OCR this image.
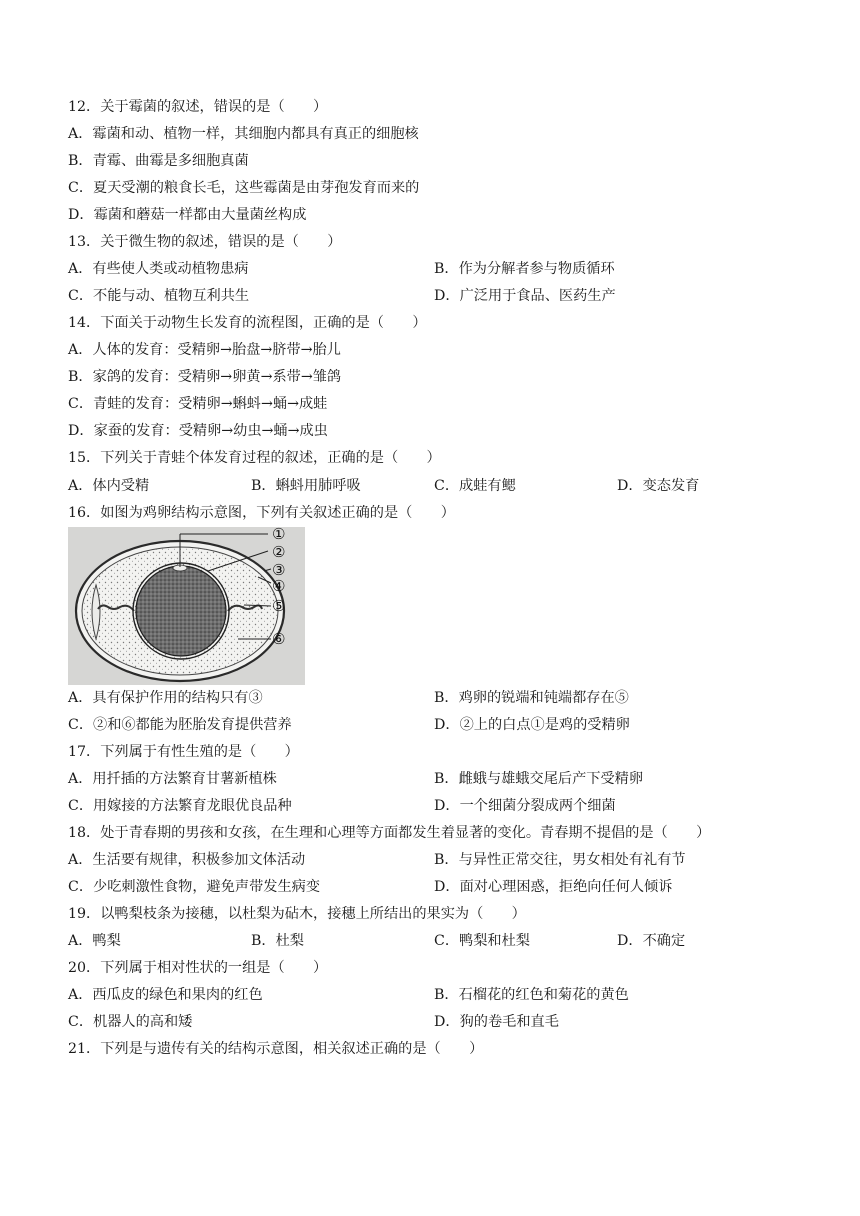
12．关于霉菌的叙述，错误的是（　　）
A．霉菌和动、植物一样，其细胞内都具有真正的细胞核
B．青霉、曲霉是多细胞真菌
C．夏天受潮的粮食长毛，这些霉菌是由芽孢发育而来的
D．霉菌和蘑菇一样都由大量菌丝构成
13．关于微生物的叙述，错误的是（　　）
A．有些使人类或动植物患病	B．作为分解者参与物质循环
C．不能与动、植物互利共生	D．广泛用于食品、医药生产
14．下面关于动物生长发育的流程图，正确的是（　　）
A．人体的发育：受精卵→胎盘→脐带→胎儿
B．家鸽的发育：受精卵→卵黄→系带→雏鸽
C．青蛙的发育：受精卵→蝌蚪→蛹→成蛙
D．家蚕的发育：受精卵→幼虫→蛹→成虫
15．下列关于青蛙个体发育过程的叙述，正确的是（　　）
A．体内受精	B．蝌蚪用肺呼吸	C．成蛙有鳃	D．变态发育
16．如图为鸡卵结构示意图，下列有关叙述正确的是（　　）
①
②
③
④
⑤
⑥
A．具有保护作用的结构只有③	B．鸡卵的锐端和钝端都存在⑤
C．②和⑥都能为胚胎发育提供营养	D．②上的白点①是鸡的受精卵
17．下列属于有性生殖的是（　　）
A．用扦插的方法繁育甘薯新植株	B．雌蛾与雄蛾交尾后产下受精卵
C．用嫁接的方法繁育龙眼优良品种	D．一个细菌分裂成两个细菌
18．处于青春期的男孩和女孩，在生理和心理等方面都发生着显著的变化。青春期不提倡的是（　　）
A．生活要有规律，积极参加文体活动	B．与异性正常交往，男女相处有礼有节
C．少吃刺激性食物，避免声带发生病变	D．面对心理困惑，拒绝向任何人倾诉
19．以鸭梨枝条为接穗，以杜梨为砧木，接穗上所结出的果实为（　　）
A．鸭梨	B．杜梨	C．鸭梨和杜梨	D．不确定
20．下列属于相对性状的一组是（　　）
A．西瓜皮的绿色和果肉的红色	B．石榴花的红色和菊花的黄色
C．机器人的高和矮	D．狗的卷毛和直毛
21．下列是与遗传有关的结构示意图，相关叙述正确的是（　　）
